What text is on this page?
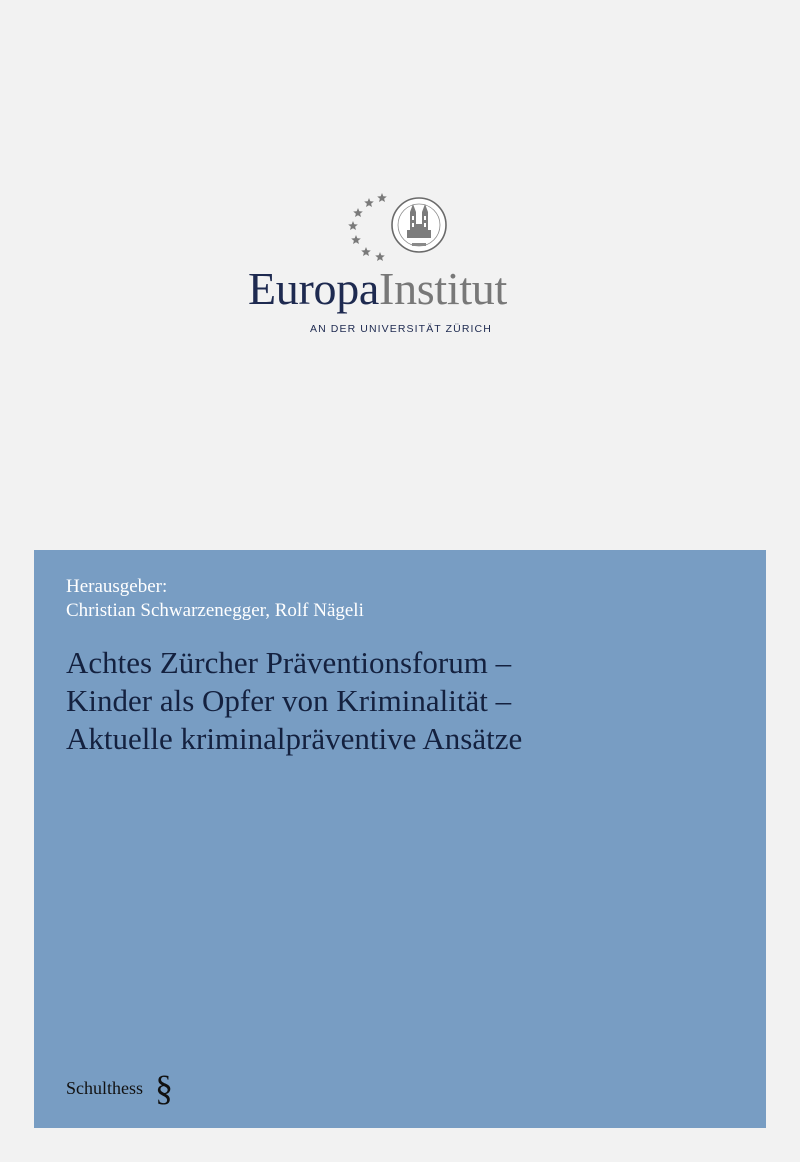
EuropaInstitut
AN DER UNIVERSITÄT ZÜRICH
Herausgeber:
Christian Schwarzenegger, Rolf Nägeli
Achtes Zürcher Präventionsforum –
Kinder als Opfer von Kriminalität –
Aktuelle kriminalpräventive Ansätze
Schulthess §
